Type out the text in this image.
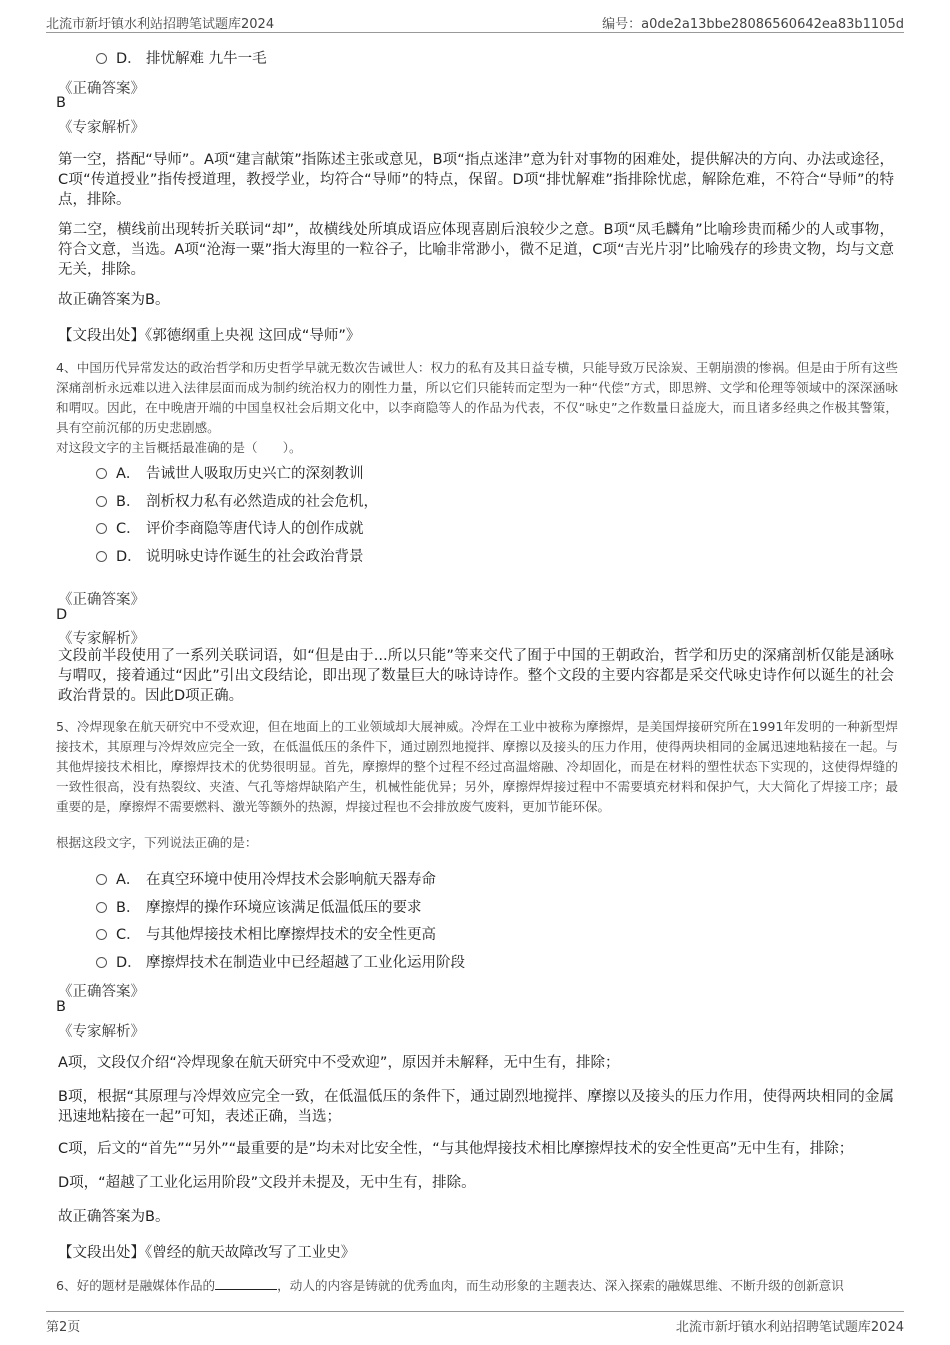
北流市新圩镇水利站招聘笔试题库2024	编号：a0de2a13bbe28086560642ea83b1105d
D． 排忧解难 九牛一毛
《正确答案》
B
《专家解析》
第一空，搭配“导师”。A项“建言献策”指陈述主张或意见，B项“指点迷津”意为针对事物的困难处，提供解决的方向、办法或途径，C项“传道授业”指传授道理，教授学业，均符合“导师”的特点，保留。D项“排忧解难”指排除忧虑，解除危难，不符合“导师”的特点，排除。
第二空，横线前出现转折关联词“却”，故横线处所填成语应体现喜剧后浪较少之意。B项“凤毛麟角”比喻珍贵而稀少的人或事物，符合文意，当选。A项“沧海一粟”指大海里的一粒谷子，比喻非常渺小，微不足道，C项“吉光片羽”比喻残存的珍贵文物，均与文意无关，排除。
故正确答案为B。
【文段出处】《郭德纲重上央视 这回成“导师”》
4、中国历代异常发达的政治哲学和历史哲学早就无数次告诫世人：权力的私有及其日益专横，只能导致万民涂炭、王朝崩溃的惨祸。但是由于所有这些深痛剖析永远难以进入法律层面而成为制约统治权力的刚性力量，所以它们只能转而定型为一种“代偿”方式，即思辨、文学和伦理等领域中的深深涵咏和喟叹。因此，在中晚唐开端的中国皇权社会后期文化中，以李商隐等人的作品为代表，不仅“咏史”之作数量日益庞大，而且诸多经典之作极其警策，具有空前沉郁的历史悲剧感。
对这段文字的主旨概括最准确的是（　　）。
A． 告诫世人吸取历史兴亡的深刻教训
B． 剖析权力私有必然造成的社会危机，
C． 评价李商隐等唐代诗人的创作成就
D． 说明咏史诗作诞生的社会政治背景
《正确答案》
D
《专家解析》
文段前半段使用了一系列关联词语，如“但是由于...所以只能”等来交代了囿于中国的王朝政治，哲学和历史的深痛剖析仅能是涵咏与喟叹，接着通过“因此”引出文段结论，即出现了数量巨大的咏诗诗作。整个文段的主要内容都是采交代咏史诗作何以诞生的社会政治背景的。因此D项正确。
5、冷焊现象在航天研究中不受欢迎，但在地面上的工业领域却大展神威。冷焊在工业中被称为摩擦焊，是美国焊接研究所在1991年发明的一种新型焊接技术，其原理与冷焊效应完全一致，在低温低压的条件下，通过剧烈地搅拌、摩擦以及接头的压力作用，使得两块相同的金属迅速地粘接在一起。与其他焊接技术相比，摩擦焊技术的优势很明显。首先，摩擦焊的整个过程不经过高温熔融、冷却固化，而是在材料的塑性状态下实现的，这使得焊缝的一致性很高，没有热裂纹、夹渣、气孔等熔焊缺陷产生，机械性能优异；另外，摩擦焊焊接过程中不需要填充材料和保护气，大大简化了焊接工序；最重要的是，摩擦焊不需要燃料、激光等额外的热源，焊接过程也不会排放废气废料，更加节能环保。
根据这段文字，下列说法正确的是：
A． 在真空环境中使用冷焊技术会影响航天器寿命
B． 摩擦焊的操作环境应该满足低温低压的要求
C． 与其他焊接技术相比摩擦焊技术的安全性更高
D． 摩擦焊技术在制造业中已经超越了工业化运用阶段
《正确答案》
B
《专家解析》
A项，文段仅介绍“冷焊现象在航天研究中不受欢迎”，原因并未解释，无中生有，排除；
B项，根据“其原理与冷焊效应完全一致，在低温低压的条件下，通过剧烈地搅拌、摩擦以及接头的压力作用，使得两块相同的金属迅速地粘接在一起”可知，表述正确，当选；
C项，后文的“首先”“另外”“最重要的是”均未对比安全性，“与其他焊接技术相比摩擦焊技术的安全性更高”无中生有，排除；
D项，“超越了工业化运用阶段”文段并未提及，无中生有，排除。
故正确答案为B。
【文段出处】《曾经的航天故障改写了工业史》
6、好的题材是融媒体作品的	，动人的内容是铸就的优秀血肉，而生动形象的主题表达、深入探索的融媒思维、不断升级的创新意识
第2页	北流市新圩镇水利站招聘笔试题库2024
